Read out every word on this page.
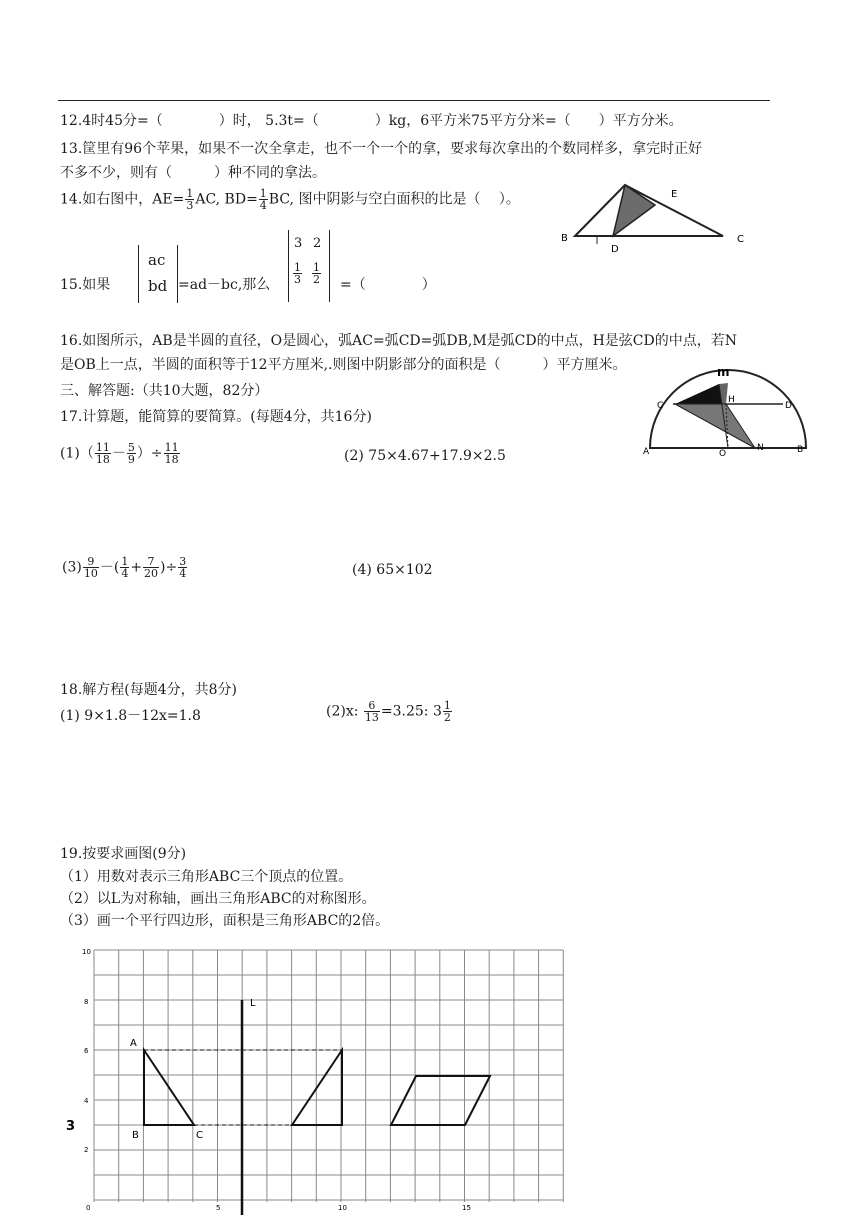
12.4时45分=（　　　　）时， 5.3t=（　　　　）kg，6平方米75平方分米=（　　）平方分米。
13.筐里有96个苹果，如果不一次全拿走，也不一个一个的拿，要求每次拿出的个数同样多，拿完时正好
不多不少，则有（　　　）种不同的拿法。
14.如右图中，$AE= \frac{1}{3}$ AC, $BD= \frac{1}{4}$ BC, 图中阴影与空白面积的比是（　 ）。
B
D
E
C
15.如果
ac
bd =ad－bc,那么
3 2
$\frac{1}{3} \frac{1}{2}$ =（　　　　）
16.如图所示，AB是半圆的直径，O是圆心，弧AC=弧CD=弧DB,M是弧CD的中点，H是弦CD的中点，若N
是OB上一点，半圆的面积等于12平方厘米,.则图中阴影部分的面积是（　　　）平方厘米。
三、解答题:（共10大题，82分）
17.计算题，能简算的要简算。(每题4分，共16分)
m
C
H
D
A	O
N	B
$(1)( \frac{11}{18} - \frac{5}{9}$ ）÷ $\frac{11}{18}$	(2) 75×4.67+17.9×2.5
$(3) \frac{9}{10}$ －( $\frac{1}{4} + \frac{7}{20}$ )÷ $\frac{3}{4}$	(4) 65×102
18.解方程(每题4分，共8分)
(1) 9×1.8－12x=1.8	(2)x: $\frac{6}{13} =3.25$: $3 \frac{1}{2}$
19.按要求画图(9分)
（1）用数对表示三角形ABC三个顶点的位置。
（2）以L为对称轴，画出三角形ABC的对称图形。
（3）画一个平行四边形，面积是三角形ABC的2倍。
10
8
6
4
3
2
0	5	10	15
L
A
B	C
